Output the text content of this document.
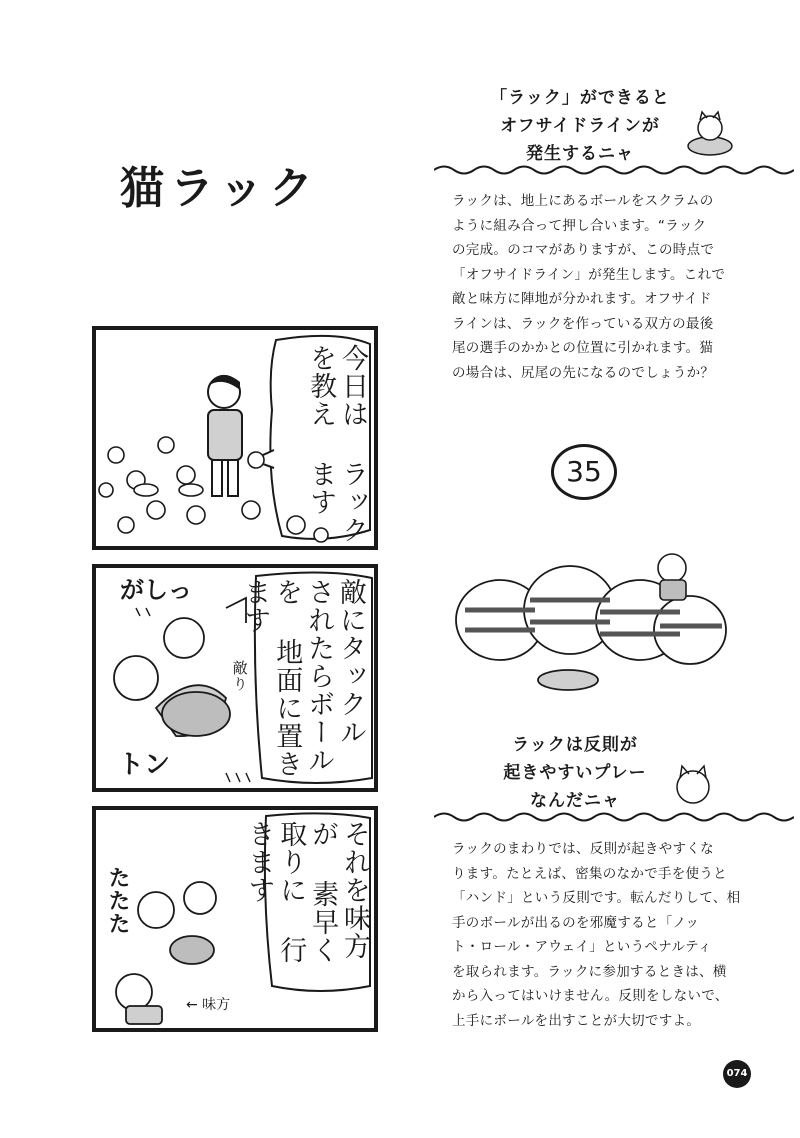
猫ラック
今日は ラックを教え ます
がしっ
トン
敵り	敵にタックル されたらボールを 地面に置きます
たたた
← 味方
それを味方が 素早く取りに 行きます
「ラック」ができると
オフサイドラインが
発生するニャ
ラックは、地上にあるボールをスクラムの
ように組み合って押し合います。“ラック
の完成。のコマがありますが、この時点で
「オフサイドライン」が発生します。これで
敵と味方に陣地が分かれます。オフサイド
ラインは、ラックを作っている双方の最後
尾の選手のかかとの位置に引かれます。猫
の場合は、尻尾の先になるのでしょうか？
35
ラックは反則が
起きやすいプレー
なんだニャ
ラックのまわりでは、反則が起きやすくな
ります。たとえば、密集のなかで手を使うと
「ハンド」という反則です。転んだりして、相
手のボールが出るのを邪魔すると「ノッ
ト・ロール・アウェイ」というペナルティ
を取られます。ラックに参加するときは、横
から入ってはいけません。反則をしないで、
上手にボールを出すことが大切ですよ。
074
